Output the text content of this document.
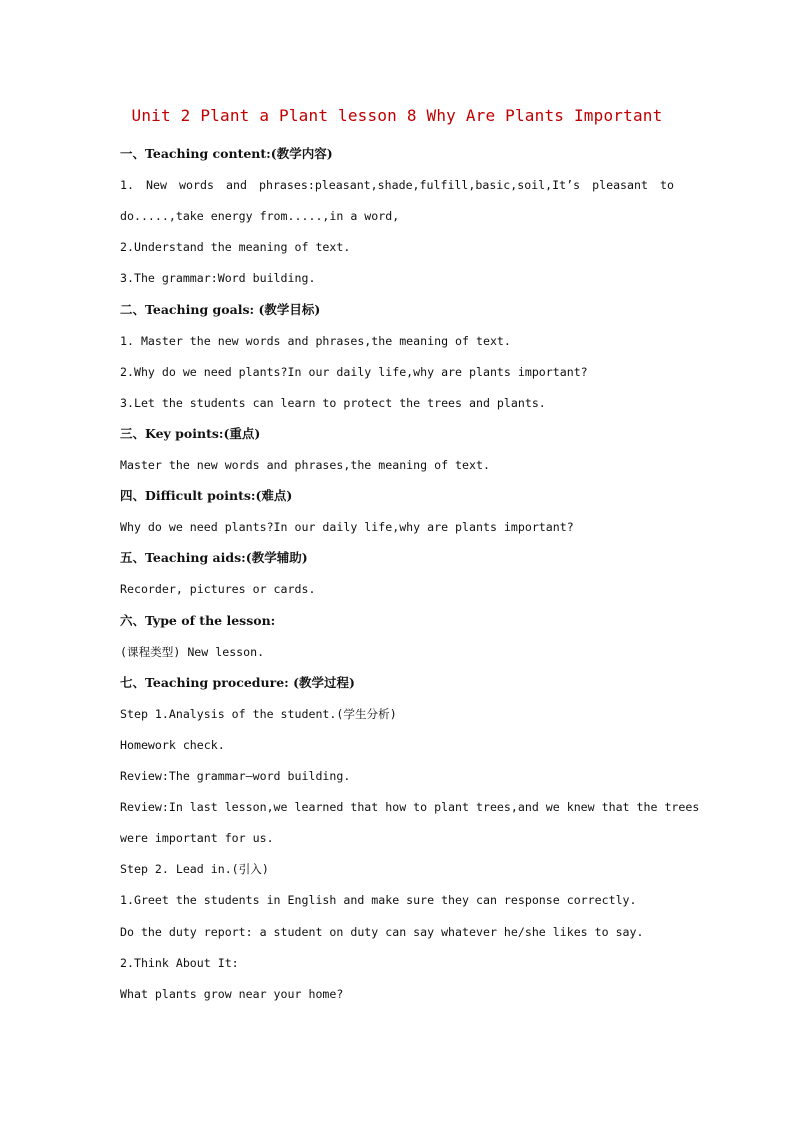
Unit 2 Plant a Plant lesson 8 Why Are Plants Important
一、Teaching content:(教学内容)
1. New words and phrases:pleasant,shade,fulfill,basic,soil,It’s pleasant to
do.....,take energy from.....,in a word,
2.Understand the meaning of text.
3.The grammar:Word building.
二、Teaching goals: (教学目标)
1. Master the new words and phrases,the meaning of text.
2.Why do we need plants?In our daily life,why are plants important?
3.Let the students can learn to protect the trees and plants.
三、Key points:(重点)
Master the new words and phrases,the meaning of text.
四、Difficult points:(难点)
Why do we need plants?In our daily life,why are plants important?
五、Teaching aids:(教学辅助)
Recorder, pictures or cards.
六、Type of the lesson:
(课程类型) New lesson.
七、Teaching procedure: (教学过程)
Step 1.Analysis of the student.(学生分析)
Homework check.
Review:The grammar—word building.
Review:In last lesson,we learned that how to plant trees,and we knew that the trees
were important for us.
Step 2. Lead in.(引入)
1.Greet the students in English and make sure they can response correctly.
Do the duty report: a student on duty can say whatever he/she likes to say.
2.Think About It:
What plants grow near your home?
